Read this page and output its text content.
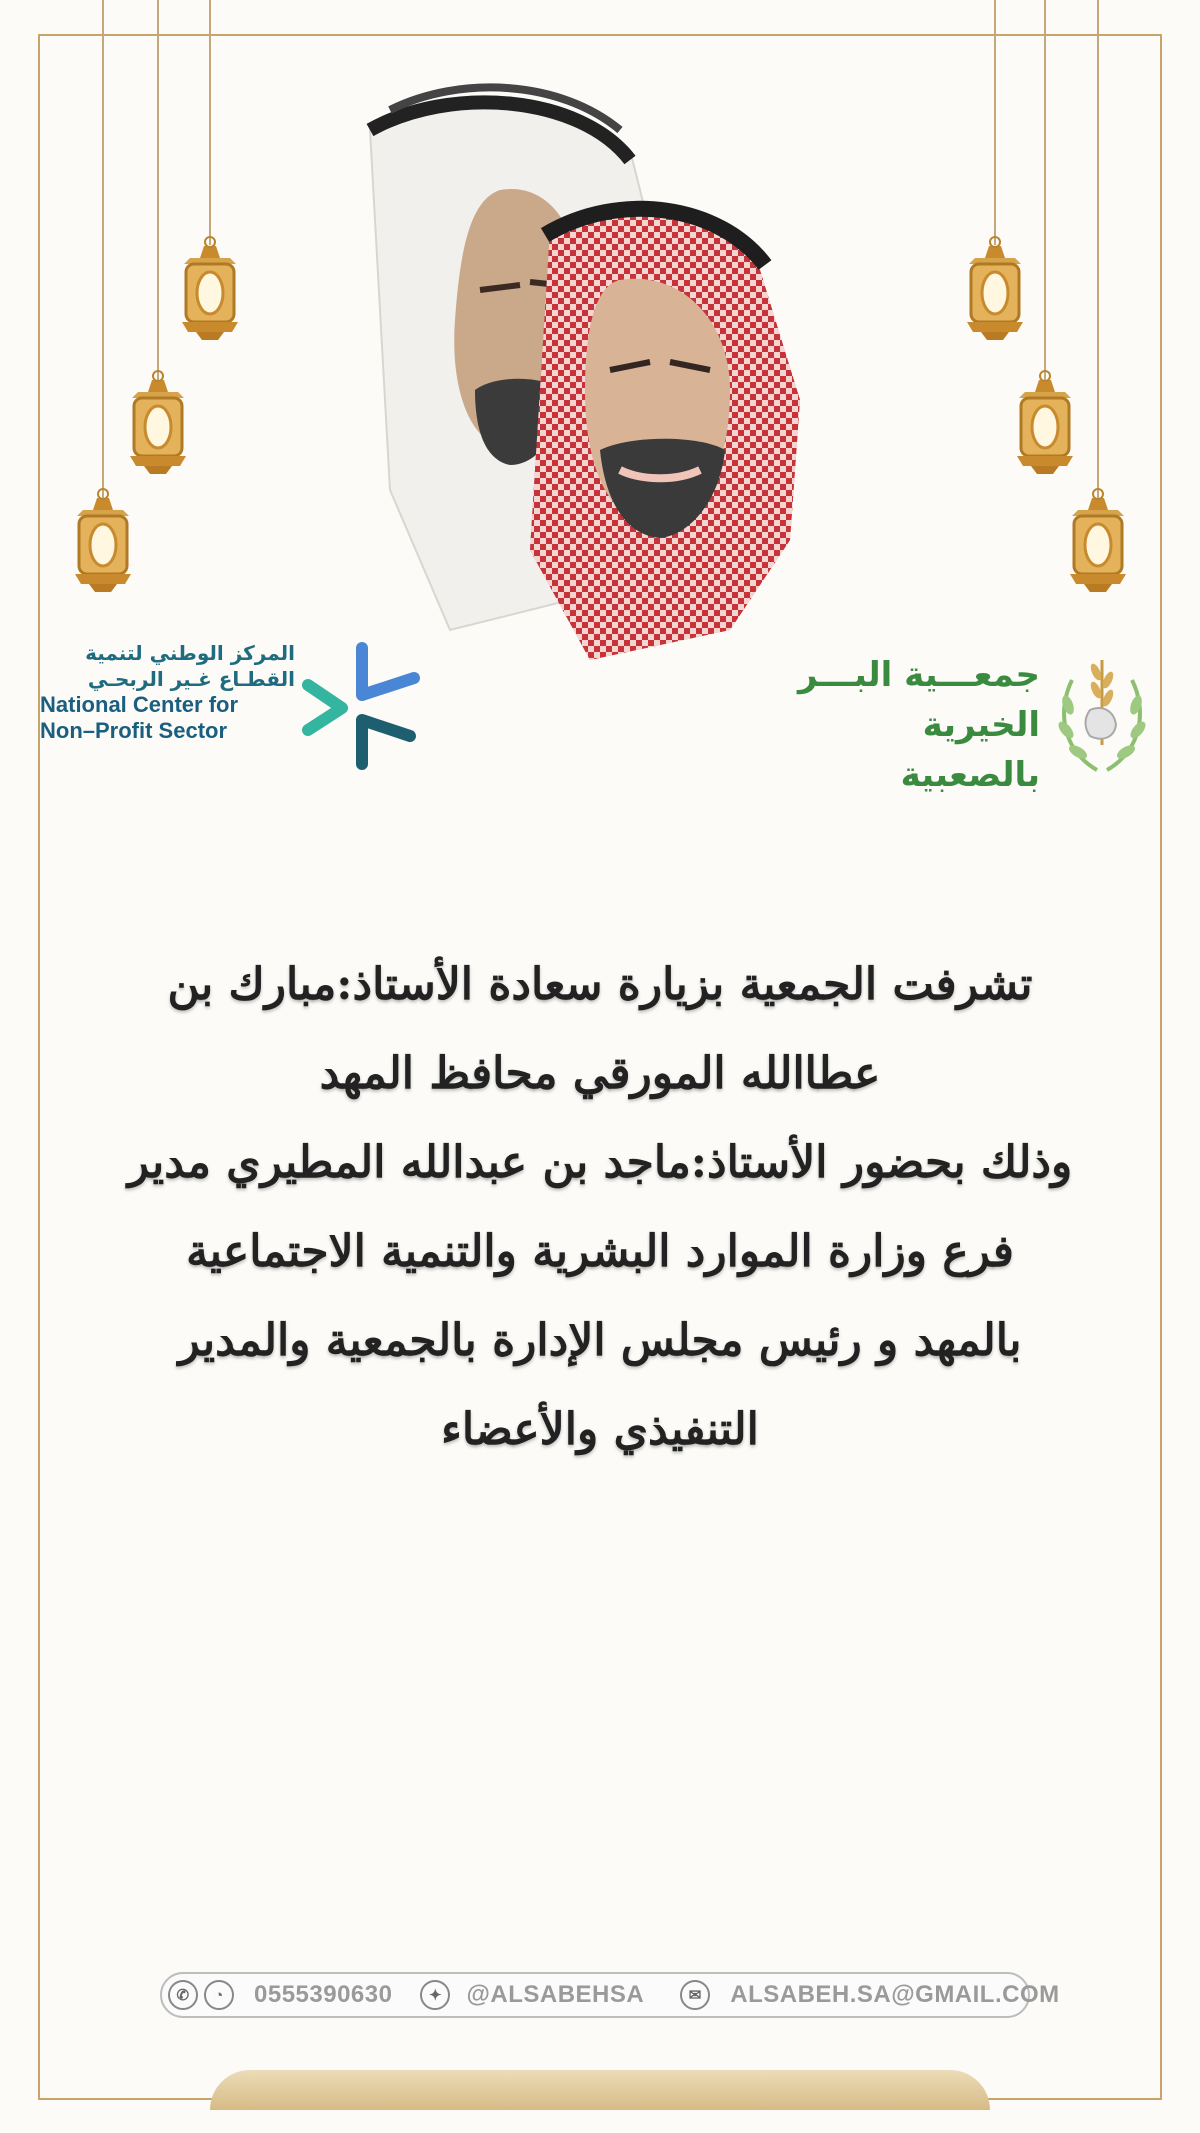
المركز الوطني لتنمية
القطـاع غـير الربحـي
National Center for
Non–Profit Sector
جمعـــية البـــر
الخيرية بالصعبية

تشرفت الجمعية بزيارة سعادة الأستاذ:مبارك بن

عطاالله المورقي محافظ المهد

وذلك بحضور الأستاذ:ماجد بن عبدالله المطيري مدير

فرع وزارة الموارد البشرية والتنمية الاجتماعية

بالمهد و رئيس مجلس الإدارة بالجمعية والمدير

التنفيذي والأعضاء

✆	◔	0555390630	✦	@ALSABEHSA	✉	ALSABEH.SA@GMAIL.COM
